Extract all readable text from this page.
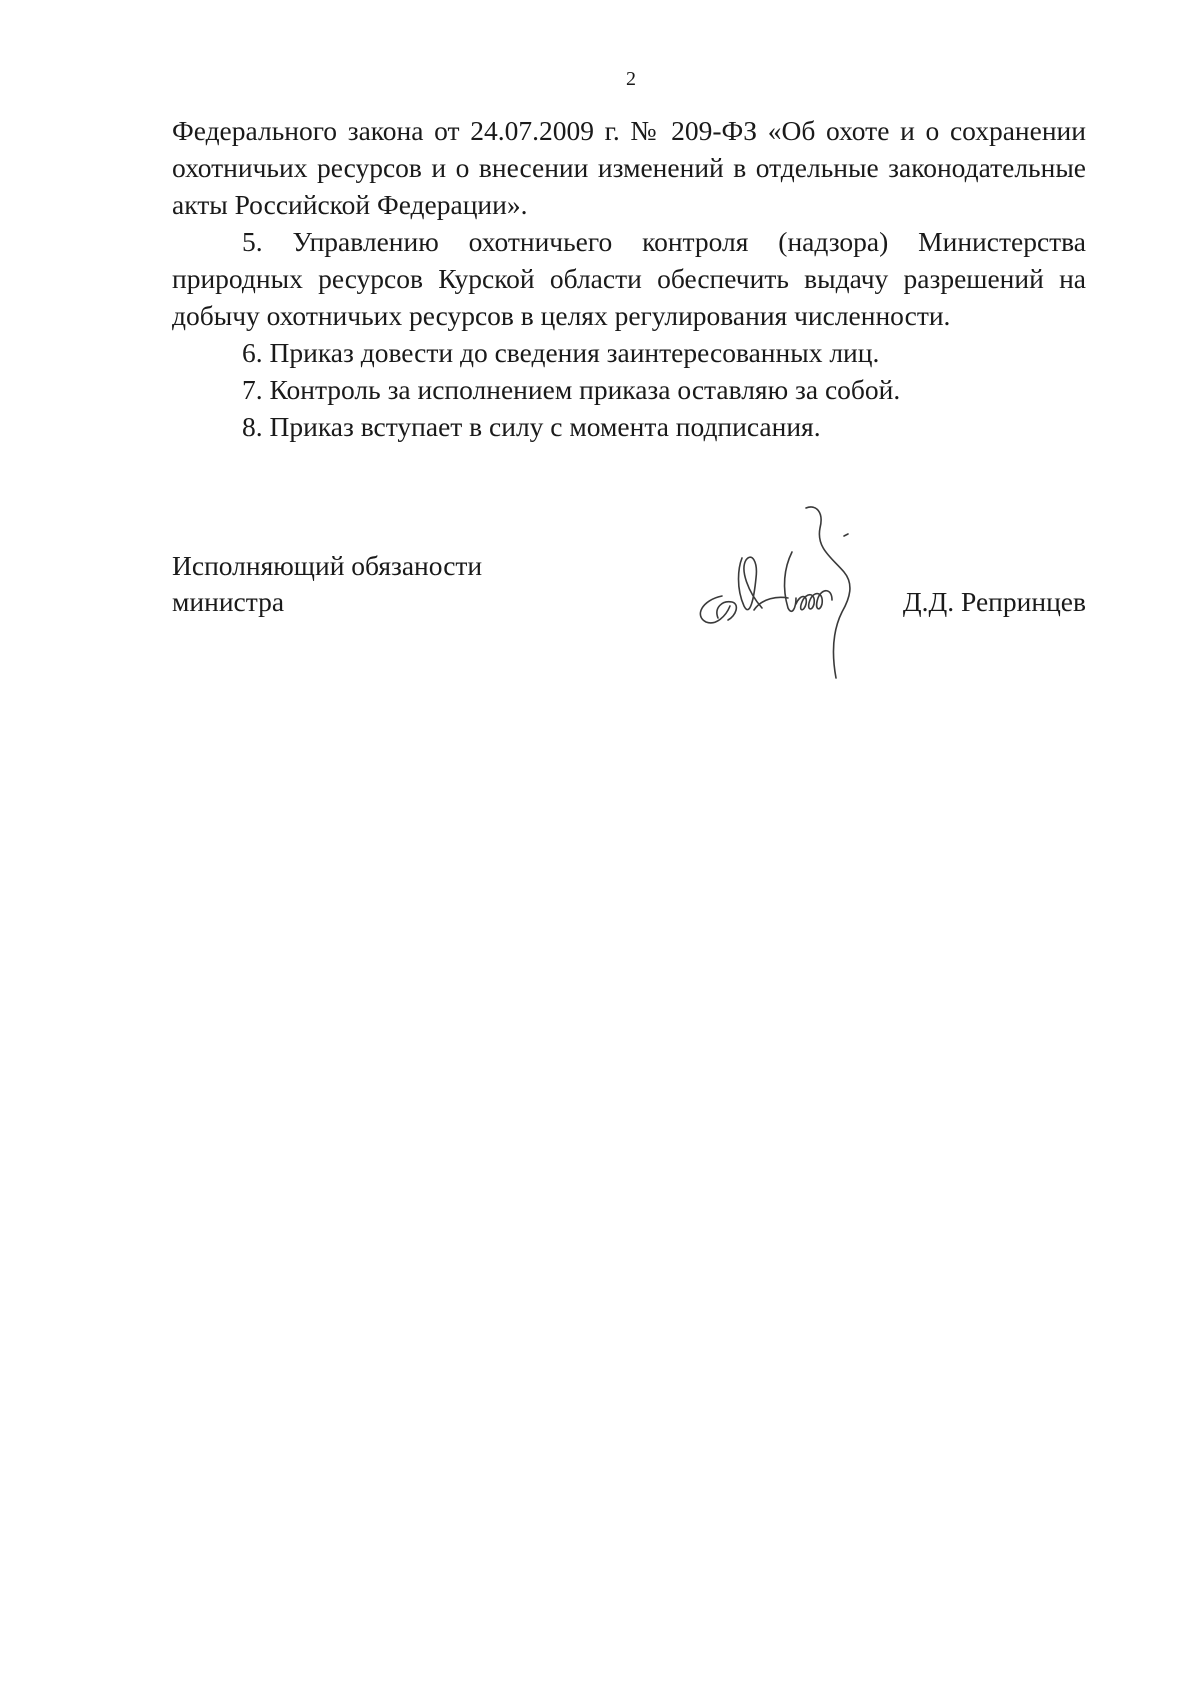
2

Федерального закона от 24.07.2009 г. № 209-ФЗ «Об охоте и о сохранении охотничьих ресурсов и о внесении изменений в отдельные законодательные акты Российской Федерации».

5. Управлению охотничьего контроля (надзора) Министерства природных ресурсов Курской области обеспечить выдачу разрешений на добычу охотничьих ресурсов в целях регулирования численности.

6. Приказ довести до сведения заинтересованных лиц.

7. Контроль за исполнением приказа оставляю за собой.

8. Приказ вступает в силу с момента подписания.

Исполняющий обязаности
министра	Д.Д. Репринцев
